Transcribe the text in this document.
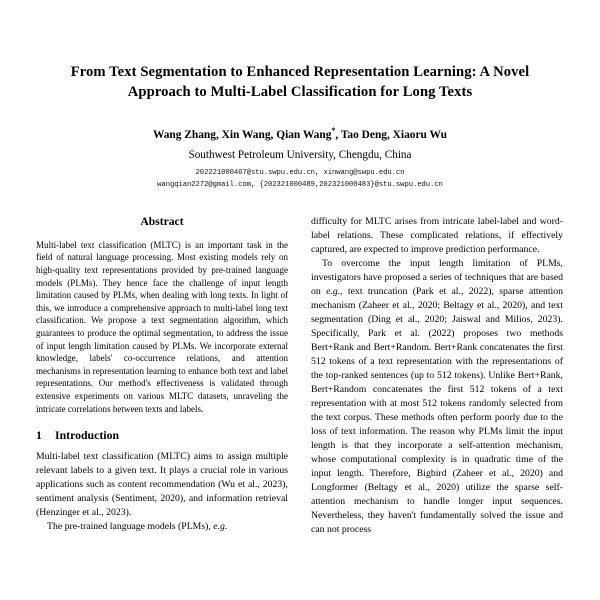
From Text Segmentation to Enhanced Representation Learning: A Novel Approach to Multi-Label Classification for Long Texts
Wang Zhang, Xin Wang, Qian Wang*, Tao Deng, Xiaoru Wu
Southwest Petroleum University, Chengdu, China
202221000467@stu.swpu.edu.cn, xinwang@swpu.edu.cn
wangqian2272@gmail.com, {202321000489,202321000483}@stu.swpu.edu.cn
Abstract

Multi-label text classification (MLTC) is an important task in the field of natural language processing. Most existing models rely on high-quality text representations provided by pre-trained language models (PLMs). They hence face the challenge of input length limitation caused by PLMs, when dealing with long texts. In light of this, we introduce a comprehensive approach to multi-label long text classification. We propose a text segmentation algorithm, which guarantees to produce the optimal segmentation, to address the issue of input length limitation caused by PLMs. We incorporate external knowledge, labels' co-occurrence relations, and attention mechanisms in representation learning to enhance both text and label representations. Our method's effectiveness is validated through extensive experiments on various MLTC datasets, unraveling the intricate correlations between texts and labels.

1 Introduction

Multi-label text classification (MLTC) aims to assign multiple relevant labels to a given text. It plays a crucial role in various applications such as content recommendation (Wu et al., 2023), sentiment analysis (Sentiment, 2020), and information retrieval (Henzinger et al., 2023).

The pre-trained language models (PLMs), e.g.

difficulty for MLTC arises from intricate label-label and word-label relations. These complicated relations, if effectively captured, are expected to improve prediction performance.

To overcome the input length limitation of PLMs, investigators have proposed a series of techniques that are based on e.g., text truncation (Park et al., 2022), sparse attention mechanism (Zaheer et al., 2020; Beltagy et al., 2020), and text segmentation (Ding et al., 2020; Jaiswal and Milios, 2023). Specifically, Park et al. (2022) proposes two methods Bert+Rank and Bert+Random. Bert+Rank concatenates the first 512 tokens of a text representation with the representations of the top-ranked sentences (up to 512 tokens). Unlike Bert+Rank, Bert+Random concatenates the first 512 tokens of a text representation with at most 512 tokens randomly selected from the text corpus. These methods often perform poorly due to the loss of text information. The reason why PLMs limit the input length is that they incorporate a self-attention mechanism, whose computational complexity is in quadratic time of the input length. Therefore, Bigbird (Zaheer et al., 2020) and Longformer (Beltagy et al., 2020) utilize the sparse self-attention mechanism to handle longer input sequences. Nevertheless, they haven't fundamentally solved the issue and can not process
